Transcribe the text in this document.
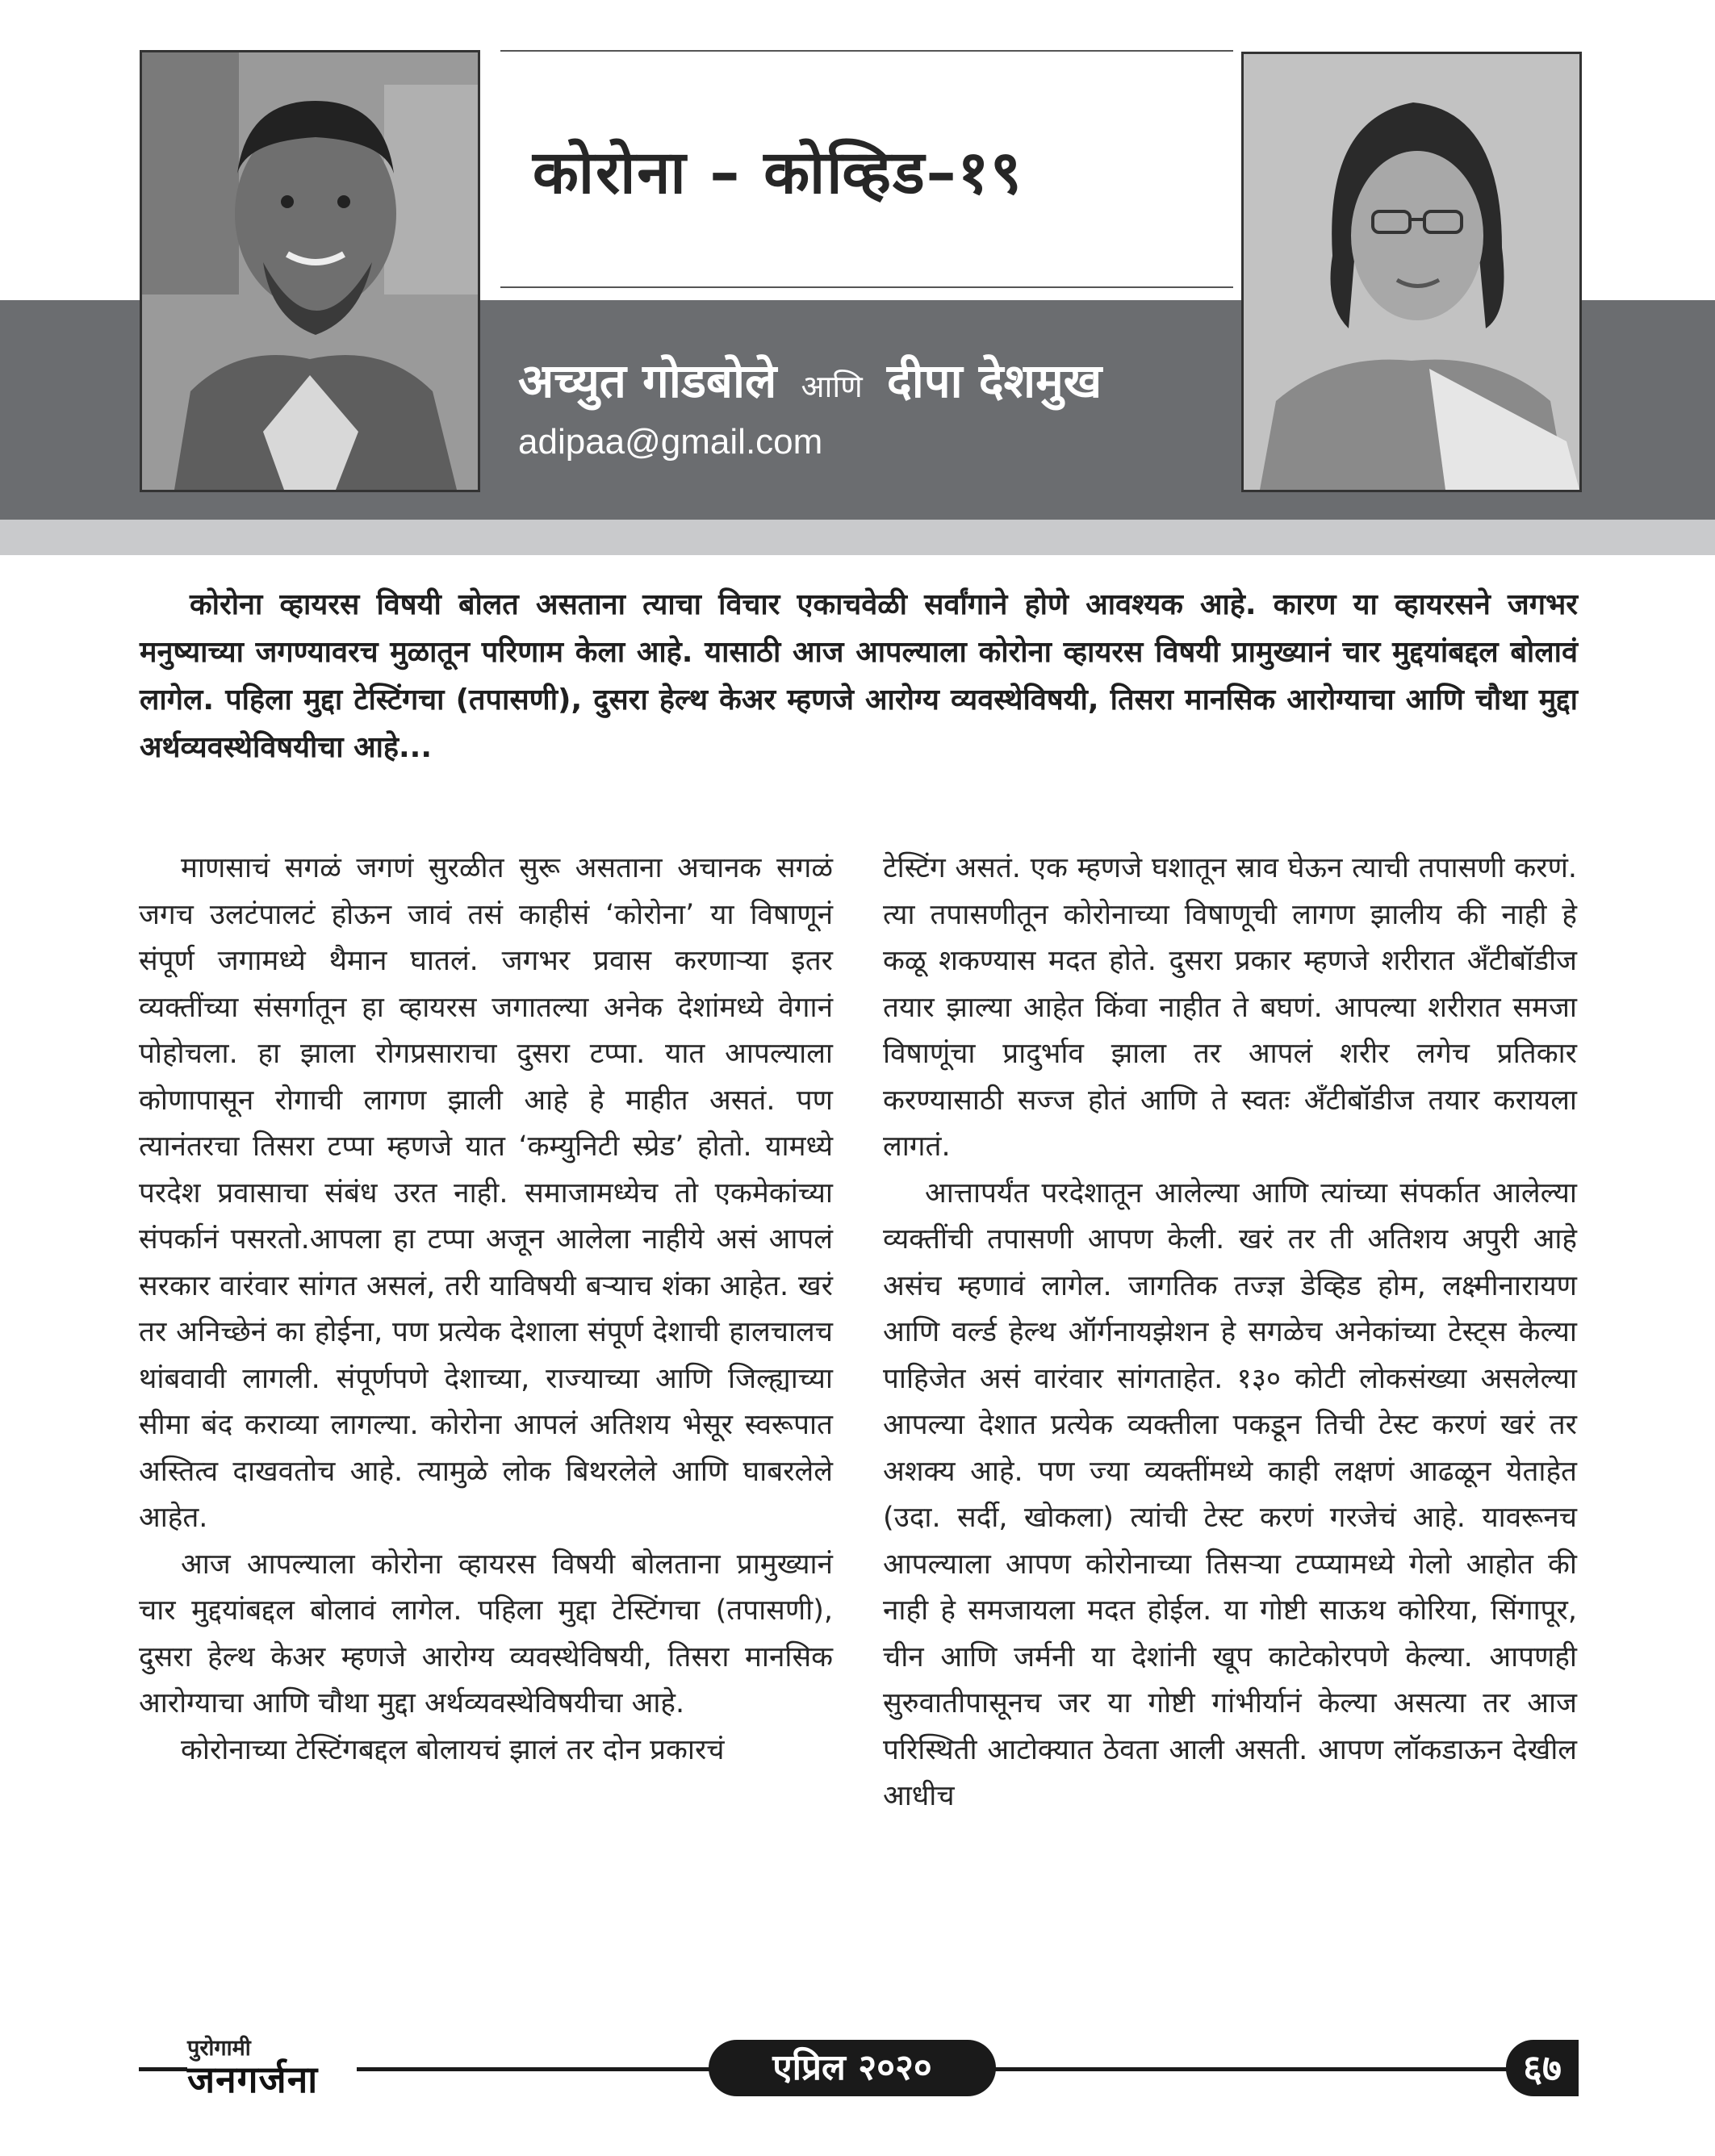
कोरोना – कोव्हिड–१९
अच्युत गोडबोले आणि दीपा देशमुख
adipaa@gmail.com
कोरोना व्हायरस विषयी बोलत असताना त्याचा विचार एकाचवेळी सर्वांगाने होणे आवश्यक आहे. कारण या व्हायरसने जगभर मनुष्याच्या जगण्यावरच मुळातून परिणाम केला आहे. यासाठी आज आपल्याला कोरोना व्हायरस विषयी प्रामुख्यानं चार मुद्दयांबद्दल बोलावं लागेल. पहिला मुद्दा टेस्टिंगचा (तपासणी), दुसरा हेल्थ केअर म्हणजे आरोग्य व्यवस्थेविषयी, तिसरा मानसिक आरोग्याचा आणि चौथा मुद्दा अर्थव्यवस्थेविषयीचा आहे...

माणसाचं सगळं जगणं सुरळीत सुरू असताना अचानक सगळं जगच उलटंपालटं होऊन जावं तसं काहीसं ‘कोरोना’ या विषाणूनं संपूर्ण जगामध्ये थैमान घातलं. जगभर प्रवास करणाऱ्या इतर व्यक्तींच्या संसर्गातून हा व्हायरस जगातल्या अनेक देशांमध्ये वेगानं पोहोचला. हा झाला रोगप्रसाराचा दुसरा टप्पा. यात आपल्याला कोणापासून रोगाची लागण झाली आहे हे माहीत असतं. पण त्यानंतरचा तिसरा टप्पा म्हणजे यात ‘कम्युनिटी स्प्रेड’ होतो. यामध्ये परदेश प्रवासाचा संबंध उरत नाही. समाजामध्येच तो एकमेकांच्या संपर्कानं पसरतो.आपला हा टप्पा अजून आलेला नाहीये असं आपलं सरकार वारंवार सांगत असलं, तरी याविषयी बऱ्याच शंका आहेत. खरं तर अनिच्छेनं का होईना, पण प्रत्येक देशाला संपूर्ण देशाची हालचालच थांबवावी लागली. संपूर्णपणे देशाच्या, राज्याच्या आणि जिल्ह्याच्या सीमा बंद कराव्या लागल्या. कोरोना आपलं अतिशय भेसूर स्वरूपात अस्तित्व दाखवतोच आहे. त्यामुळे लोक बिथरलेले आणि घाबरलेले आहेत.

आज आपल्याला कोरोना व्हायरस विषयी बोलताना प्रामुख्यानं चार मुद्दयांबद्दल बोलावं लागेल. पहिला मुद्दा टेस्टिंगचा (तपासणी), दुसरा हेल्थ केअर म्हणजे आरोग्य व्यवस्थेविषयी, तिसरा मानसिक आरोग्याचा आणि चौथा मुद्दा अर्थव्यवस्थेविषयीचा आहे.

कोरोनाच्या टेस्टिंगबद्दल बोलायचं झालं तर दोन प्रकारचं

टेस्टिंग असतं. एक म्हणजे घशातून स्राव घेऊन त्याची तपासणी करणं. त्या तपासणीतून कोरोनाच्या विषाणूची लागण झालीय की नाही हे कळू शकण्यास मदत होते. दुसरा प्रकार म्हणजे शरीरात अँटीबॉडीज तयार झाल्या आहेत किंवा नाहीत ते बघणं. आपल्या शरीरात समजा विषाणूंचा प्रादुर्भाव झाला तर आपलं शरीर लगेच प्रतिकार करण्यासाठी सज्ज होतं आणि ते स्वतः अँटीबॉडीज तयार करायला लागतं.

आत्तापर्यंत परदेशातून आलेल्या आणि त्यांच्या संपर्कात आलेल्या व्यक्तींची तपासणी आपण केली. खरं तर ती अतिशय अपुरी आहे असंच म्हणावं लागेल. जागतिक तज्ज्ञ डेव्हिड होम, लक्ष्मीनारायण आणि वर्ल्ड हेल्थ ऑर्गनायझेशन हे सगळेच अनेकांच्या टेस्ट्स केल्या पाहिजेत असं वारंवार सांगताहेत. १३० कोटी लोकसंख्या असलेल्या आपल्या देशात प्रत्येक व्यक्तीला पकडून तिची टेस्ट करणं खरं तर अशक्य आहे. पण ज्या व्यक्तींमध्ये काही लक्षणं आढळून येताहेत (उदा. सर्दी, खोकला) त्यांची टेस्ट करणं गरजेचं आहे. यावरूनच आपल्याला आपण कोरोनाच्या तिसऱ्या टप्प्यामध्ये गेलो आहोत की नाही हे समजायला मदत होईल. या गोष्टी साऊथ कोरिया, सिंगापूर, चीन आणि जर्मनी या देशांनी खूप काटेकोरपणे केल्या. आपणही सुरुवातीपासूनच जर या गोष्टी गांभीर्यानं केल्या असत्या तर आज परिस्थिती आटोक्यात ठेवता आली असती. आपण लॉकडाऊन देखील आधीच

पुरोगामी
जनगर्जना	एप्रिल २०२०	६७
